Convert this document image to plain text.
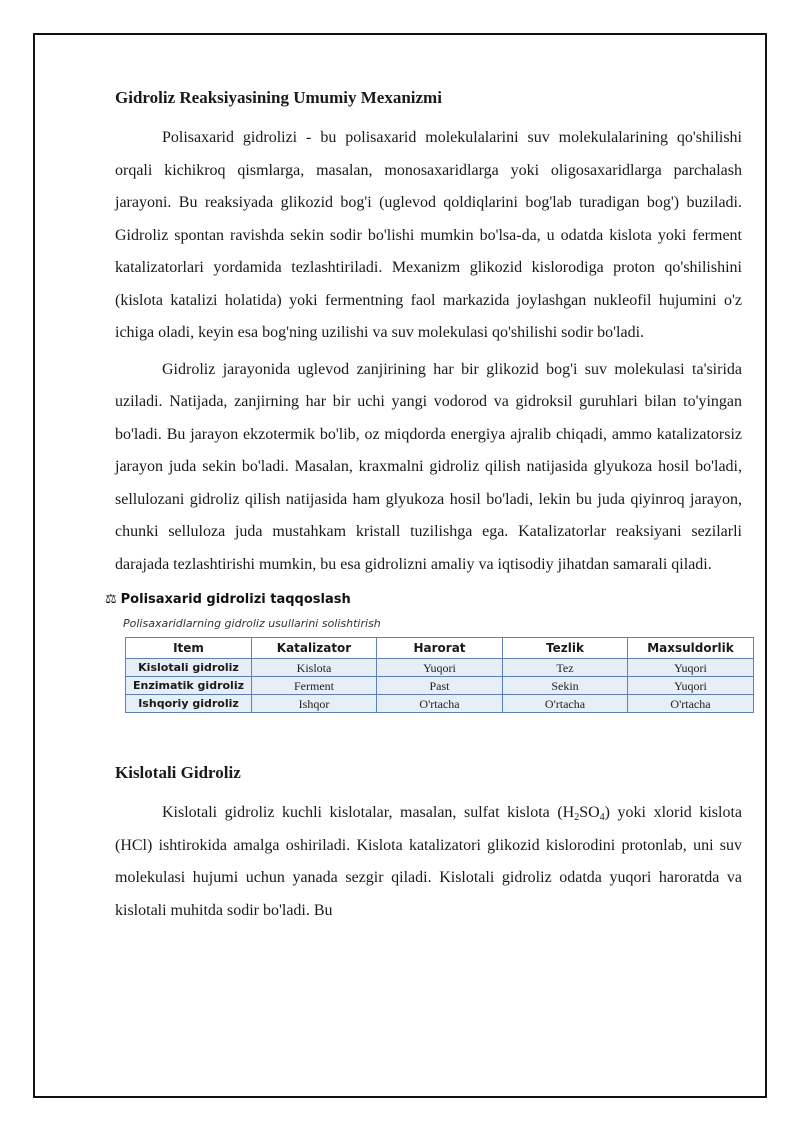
Gidroliz Reaksiyasining Umumiy Mexanizmi

Polisaxarid gidrolizi - bu polisaxarid molekulalarini suv molekulalarining qo'shilishi orqali kichikroq qismlarga, masalan, monosaxaridlarga yoki oligosaxaridlarga parchalash jarayoni. Bu reaksiyada glikozid bog'i (uglevod qoldiqlarini bog'lab turadigan bog') buziladi. Gidroliz spontan ravishda sekin sodir bo'lishi mumkin bo'lsa-da, u odatda kislota yoki ferment katalizatorlari yordamida tezlashtiriladi. Mexanizm glikozid kislorodiga proton qo'shilishini (kislota katalizi holatida) yoki fermentning faol markazida joylashgan nukleofil hujumini o'z ichiga oladi, keyin esa bog'ning uzilishi va suv molekulasi qo'shilishi sodir bo'ladi.

Gidroliz jarayonida uglevod zanjirining har bir glikozid bog'i suv molekulasi ta'sirida uziladi. Natijada, zanjirning har bir uchi yangi vodorod va gidroksil guruhlari bilan to'yingan bo'ladi. Bu jarayon ekzotermik bo'lib, oz miqdorda energiya ajralib chiqadi, ammo katalizatorsiz jarayon juda sekin bo'ladi. Masalan, kraxmalni gidroliz qilish natijasida glyukoza hosil bo'ladi, sellulozani gidroliz qilish natijasida ham glyukoza hosil bo'ladi, lekin bu juda qiyinroq jarayon, chunki selluloza juda mustahkam kristall tuzilishga ega. Katalizatorlar reaksiyani sezilarli darajada tezlashtirishi mumkin, bu esa gidrolizni amaliy va iqtisodiy jihatdan samarali qiladi.

⚖ Polisaxarid gidrolizi taqqoslash
Polisaxaridlarning gidroliz usullarini solishtirish
Item	Katalizator	Harorat	Tezlik	Maxsuldorlik
Kislotali gidroliz	Kislota	Yuqori	Tez	Yuqori
Enzimatik gidroliz	Ferment	Past	Sekin	Yuqori
Ishqoriy gidroliz	Ishqor	O'rtacha	O'rtacha	O'rtacha
Kislotali Gidroliz

Kislotali gidroliz kuchli kislotalar, masalan, sulfat kislota $(H_2SO_4)$ yoki xlorid kislota (HCl) ishtirokida amalga oshiriladi. Kislota katalizatori glikozid kislorodini protonlab, uni suv molekulasi hujumi uchun yanada sezgir qiladi. Kislotali gidroliz odatda yuqori haroratda va kislotali muhitda sodir bo'ladi. Bu
